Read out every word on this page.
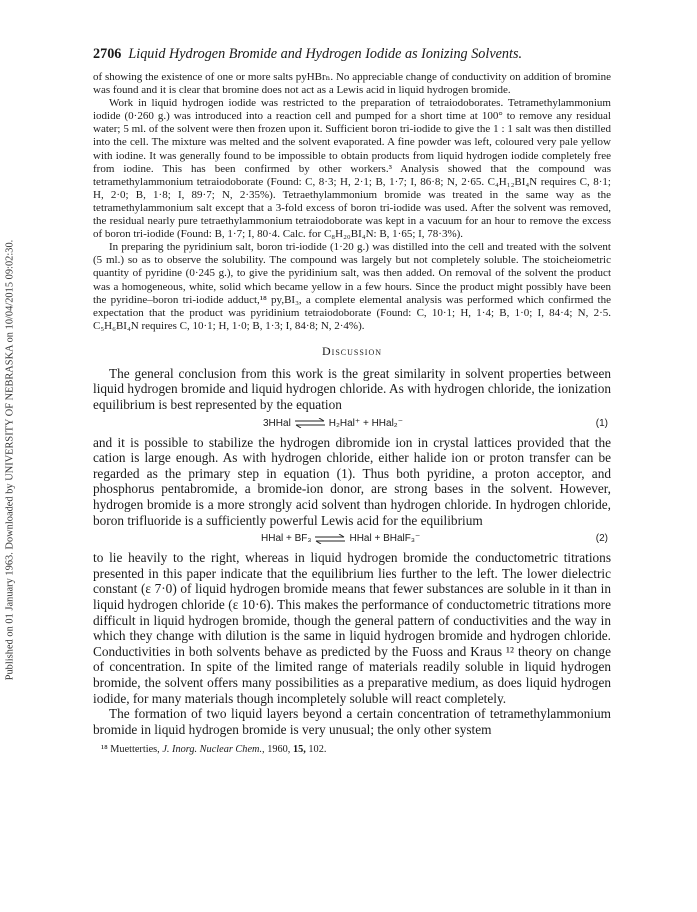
Published on 01 January 1963. Downloaded by UNIVERSITY OF NEBRASKA on 10/04/2015 09:02:30.
2706 Liquid Hydrogen Bromide and Hydrogen Iodide as Ionizing Solvents.

of showing the existence of one or more salts pyHBrₙ. No appreciable change of conductivity on addition of bromine was found and it is clear that bromine does not act as a Lewis acid in liquid hydrogen bromide.

Work in liquid hydrogen iodide was restricted to the preparation of tetraiodoborates. Tetramethylammonium iodide (0·260 g.) was introduced into a reaction cell and pumped for a short time at 100° to remove any residual water; 5 ml. of the solvent were then frozen upon it. Sufficient boron tri-iodide to give the 1 : 1 salt was then distilled into the cell. The mixture was melted and the solvent evaporated. A fine powder was left, coloured very pale yellow with iodine. It was generally found to be impossible to obtain products from liquid hydrogen iodide completely free from iodine. This has been confirmed by other workers.³ Analysis showed that the compound was tetramethylammonium tetraiodoborate (Found: C, 8·3; H, 2·1; B, 1·7; I, 86·8; N, 2·65. C₄H₁₂BI₄N requires C, 8·1; H, 2·0; B, 1·8; I, 89·7; N, 2·35%). Tetraethylammonium bromide was treated in the same way as the tetramethylammonium salt except that a 3-fold excess of boron tri-iodide was used. After the solvent was removed, the residual nearly pure tetraethylammonium tetraiodoborate was kept in a vacuum for an hour to remove the excess of boron tri-iodide (Found: B, 1·7; I, 80·4. Calc. for C₈H₂₀BI₄N: B, 1·65; I, 78·3%).

In preparing the pyridinium salt, boron tri-iodide (1·20 g.) was distilled into the cell and treated with the solvent (5 ml.) so as to observe the solubility. The compound was largely but not completely soluble. The stoicheiometric quantity of pyridine (0·245 g.), to give the pyridinium salt, was then added. On removal of the solvent the product was a homogeneous, white, solid which became yellow in a few hours. Since the product might possibly have been the pyridine–boron tri-iodide adduct,¹⁸ py,BI₃, a complete elemental analysis was performed which confirmed the expectation that the product was pyridinium tetraiodoborate (Found: C, 10·1; H, 1·4; B, 1·0; I, 84·4; N, 2·5. C₅H₆BI₄N requires C, 10·1; H, 1·0; B, 1·3; I, 84·8; N, 2·4%).

Discussion

The general conclusion from this work is the great similarity in solvent properties between liquid hydrogen bromide and liquid hydrogen chloride. As with hydrogen chloride, the ionization equilibrium is best represented by the equation

3HHal ⇌ H₂Hal⁺ + HHal₂⁻	(1)

and it is possible to stabilize the hydrogen dibromide ion in crystal lattices provided that the cation is large enough. As with hydrogen chloride, either halide ion or proton transfer can be regarded as the primary step in equation (1). Thus both pyridine, a proton acceptor, and phosphorus pentabromide, a bromide-ion donor, are strong bases in the solvent. However, hydrogen bromide is a more strongly acid solvent than hydrogen chloride. In hydrogen chloride, boron trifluoride is a sufficiently powerful Lewis acid for the equilibrium

HHal + BF₃ ⇌ HHal + BHalF₃⁻	(2)

to lie heavily to the right, whereas in liquid hydrogen bromide the conductometric titrations presented in this paper indicate that the equilibrium lies further to the left. The lower dielectric constant (ε 7·0) of liquid hydrogen bromide means that fewer substances are soluble in it than in liquid hydrogen chloride (ε 10·6). This makes the performance of conductometric titrations more difficult in liquid hydrogen bromide, though the general pattern of conductivities and the way in which they change with dilution is the same in liquid hydrogen bromide and hydrogen chloride. Conductivities in both solvents behave as predicted by the Fuoss and Kraus ¹² theory on change of concentration. In spite of the limited range of materials readily soluble in liquid hydrogen bromide, the solvent offers many possibilities as a preparative medium, as does liquid hydrogen iodide, for many materials though incompletely soluble will react completely.

The formation of two liquid layers beyond a certain concentration of tetramethylammonium bromide in liquid hydrogen bromide is very unusual; the only other system

¹⁸ Muetterties, J. Inorg. Nuclear Chem., 1960, 15, 102.
